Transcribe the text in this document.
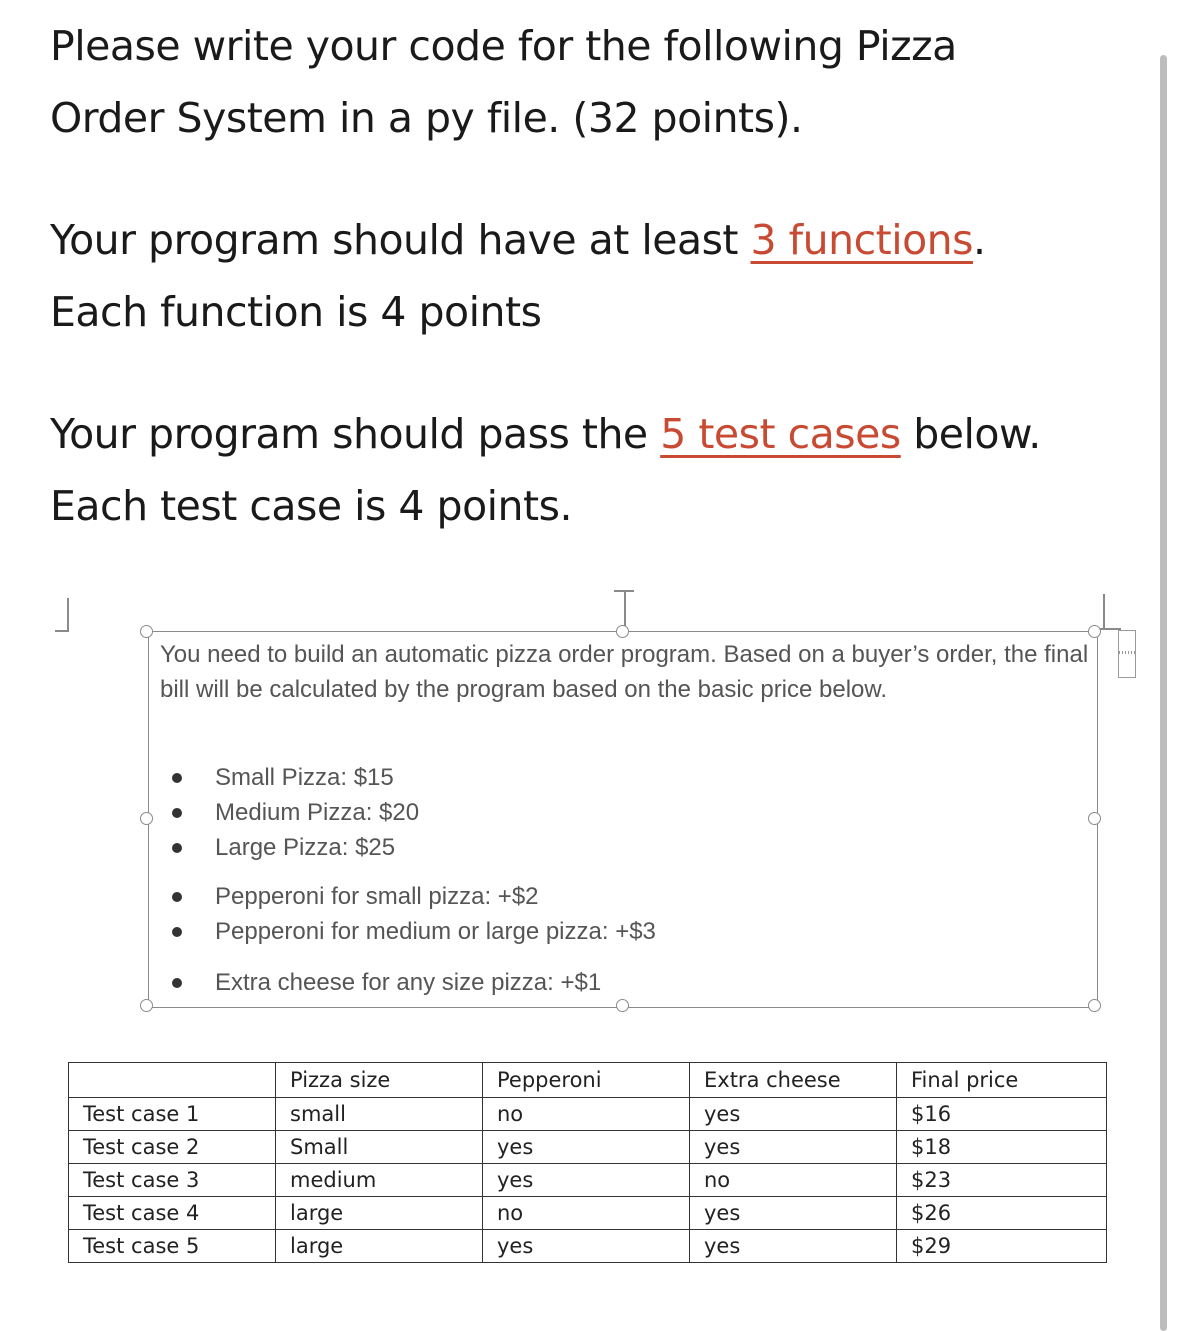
Please write your code for the following Pizza
Order System in a py file. (32 points).

Your program should have at least 3 functions.
Each function is 4 points

Your program should pass the 5 test cases below.
Each test case is 4 points.

You need to build an automatic pizza order program. Based on a buyer’s order, the final bill will be calculated by the program based on the basic price below.
Small Pizza: $15
Medium Pizza: $20
Large Pizza: $25
Pepperoni for small pizza: +$2
Pepperoni for medium or large pizza: +$3
Extra cheese for any size pizza: +$1
	Pizza size	Pepperoni	Extra cheese	Final price
Test case 1	small	no	yes	$16
Test case 2	Small	yes	yes	$18
Test case 3	medium	yes	no	$23
Test case 4	large	no	yes	$26
Test case 5	large	yes	yes	$29
